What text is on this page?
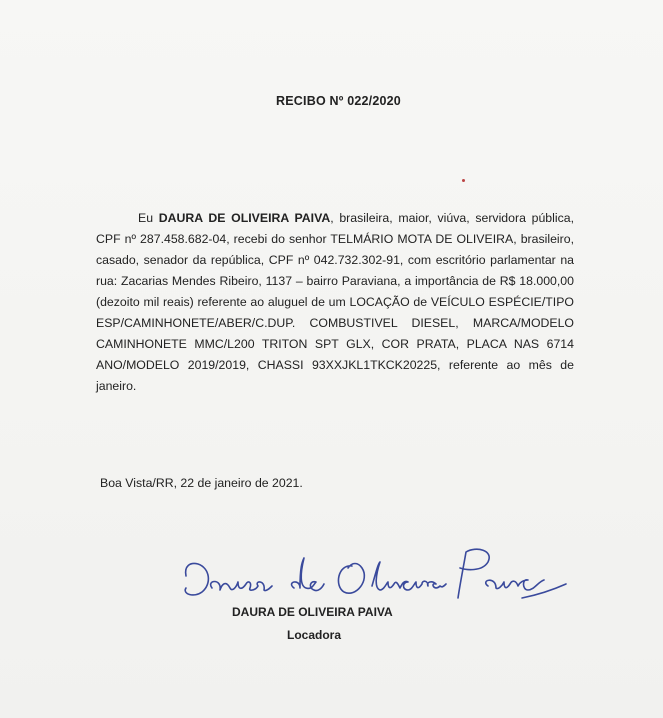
RECIBO Nº 022/2020

Eu DAURA DE OLIVEIRA PAIVA, brasileira, maior, viúva, servidora pública, CPF nº 287.458.682-04, recebi do senhor TELMÁRIO MOTA DE OLIVEIRA, brasileiro, casado, senador da república, CPF nº 042.732.302-91, com escritório parlamentar na rua: Zacarias Mendes Ribeiro, 1137 – bairro Paraviana, a importância de R$ 18.000,00 (dezoito mil reais) referente ao aluguel de um LOCAÇÃO de VEÍCULO ESPÉCIE/TIPO ESP/CAMINHONETE/ABER/C.DUP. COMBUSTIVEL DIESEL, MARCA/MODELO CAMINHONETE MMC/L200 TRITON SPT GLX, COR PRATA, PLACA NAS 6714 ANO/MODELO 2019/2019, CHASSI 93XXJKL1TKCK20225, referente ao mês de janeiro.

Boa Vista/RR, 22 de janeiro de 2021.
DAURA DE OLIVEIRA PAIVA
Locadora
